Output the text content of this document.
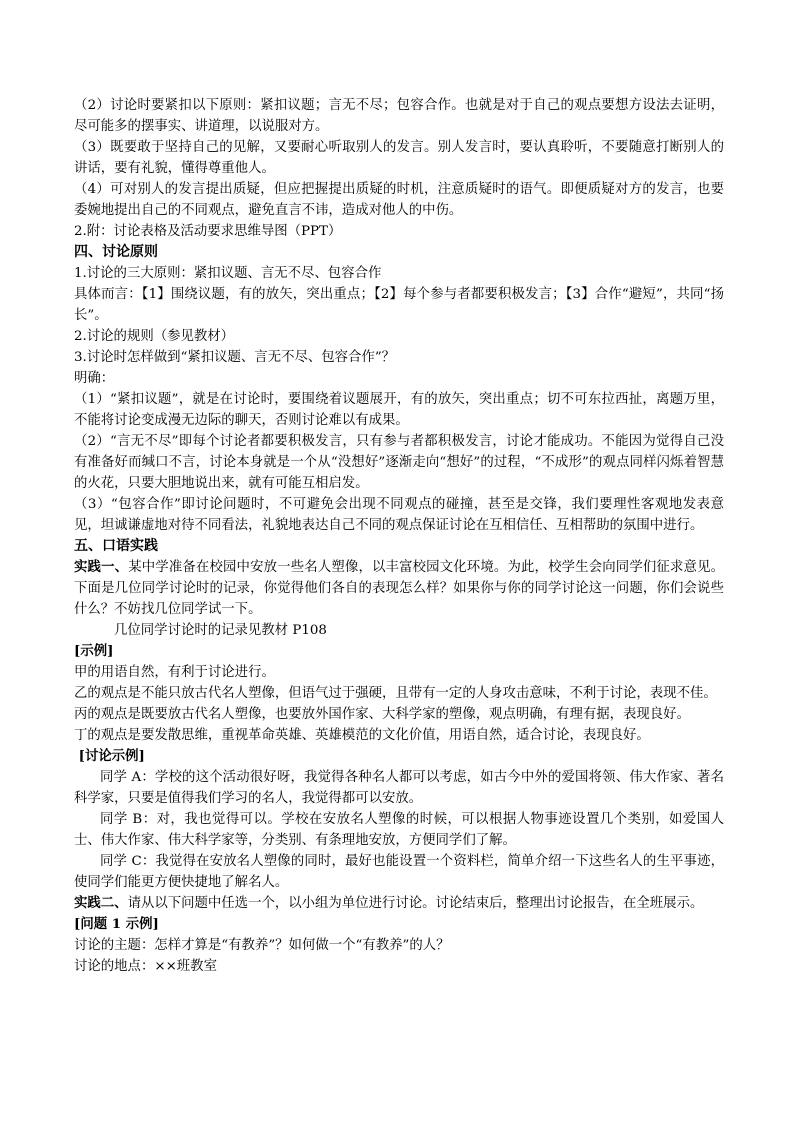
（2）讨论时要紧扣以下原则：紧扣议题；言无不尽；包容合作。也就是对于自己的观点要想方设法去证明，尽可能多的摆事实、讲道理，以说服对方。

（3）既要敢于坚持自己的见解，又要耐心听取别人的发言。别人发言时，要认真聆听，不要随意打断别人的讲话，要有礼貌，懂得尊重他人。

（4）可对别人的发言提出质疑，但应把握提出质疑的时机，注意质疑时的语气。即便质疑对方的发言，也要委婉地提出自己的不同观点，避免直言不讳，造成对他人的中伤。

2.附：讨论表格及活动要求思维导图（PPT）

四、讨论原则

1.讨论的三大原则：紧扣议题、言无不尽、包容合作

具体而言：【1】围绕议题，有的放矢，突出重点；【2】每个参与者都要积极发言；【3】合作“避短”，共同“扬长”。

2.讨论的规则（参见教材）

3.讨论时怎样做到“紧扣议题、言无不尽、包容合作”？

明确：

（1）“紧扣议题”，就是在讨论时，要围绕着议题展开，有的放矢，突出重点；切不可东拉西扯，离题万里，不能将讨论变成漫无边际的聊天，否则讨论难以有成果。

（2）“言无不尽”即每个讨论者都要积极发言，只有参与者都积极发言，讨论才能成功。不能因为觉得自己没有准备好而缄口不言，讨论本身就是一个从“没想好”逐渐走向“想好”的过程，“不成形”的观点同样闪烁着智慧的火花，只要大胆地说出来，就有可能互相启发。

（3）“包容合作”即讨论问题时，不可避免会出现不同观点的碰撞，甚至是交锋，我们要理性客观地发表意见，坦诚谦虚地对待不同看法，礼貌地表达自己不同的观点保证讨论在互相信任、互相帮助的氛围中进行。

五、口语实践

实践一、某中学准备在校园中安放一些名人塑像，以丰富校园文化环境。为此，校学生会向同学们征求意见。下面是几位同学讨论时的记录，你觉得他们各自的表现怎么样？如果你与你的同学讨论这一问题，你们会说些什么？不妨找几位同学试一下。

几位同学讨论时的记录见教材 P108

[示例]

甲的用语自然，有利于讨论进行。

乙的观点是不能只放古代名人塑像，但语气过于强硬，且带有一定的人身攻击意味，不利于讨论，表现不佳。

丙的观点是既要放古代名人塑像，也要放外国作家、大科学家的塑像，观点明确，有理有据，表现良好。

丁的观点是要发散思维，重视革命英雄、英雄模范的文化价值，用语自然，适合讨论，表现良好。

[讨论示例]

同学 A：学校的这个活动很好呀，我觉得各种名人都可以考虑，如古今中外的爱国将领、伟大作家、著名科学家，只要是值得我们学习的名人，我觉得都可以安放。

同学 B：对，我也觉得可以。学校在安放名人塑像的时候，可以根据人物事迹设置几个类别，如爱国人士、伟大作家、伟大科学家等，分类别、有条理地安放，方便同学们了解。

同学 C：我觉得在安放名人塑像的同时，最好也能设置一个资料栏，简单介绍一下这些名人的生平事迹，使同学们能更方便快捷地了解名人。

实践二、请从以下问题中任选一个，以小组为单位进行讨论。讨论结束后，整理出讨论报告，在全班展示。

[问题 1 示例]

讨论的主题：怎样才算是“有教养”？如何做一个“有教养”的人？

讨论的地点：××班教室
